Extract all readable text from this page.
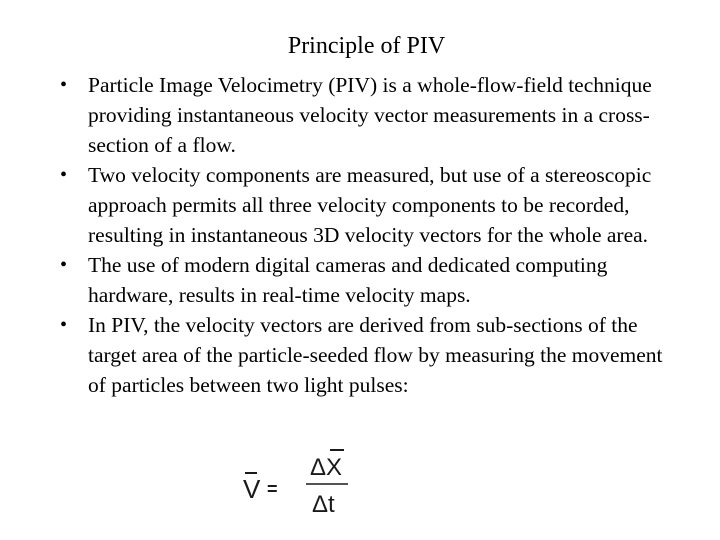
Principle of PIV
• Particle Image Velocimetry (PIV) is a whole-flow-field technique providing instantaneous velocity vector measurements in a cross-section of a flow.
• Two velocity components are measured, but use of a stereoscopic approach permits all three velocity components to be recorded, resulting in instantaneous 3D velocity vectors for the whole area.
• The use of modern digital cameras and dedicated computing hardware, results in real-time velocity maps.
• In PIV, the velocity vectors are derived from sub-sections of the target area of the particle-seeded flow by measuring the movement of particles between two light pulses:
V =
ΔX
Δt
